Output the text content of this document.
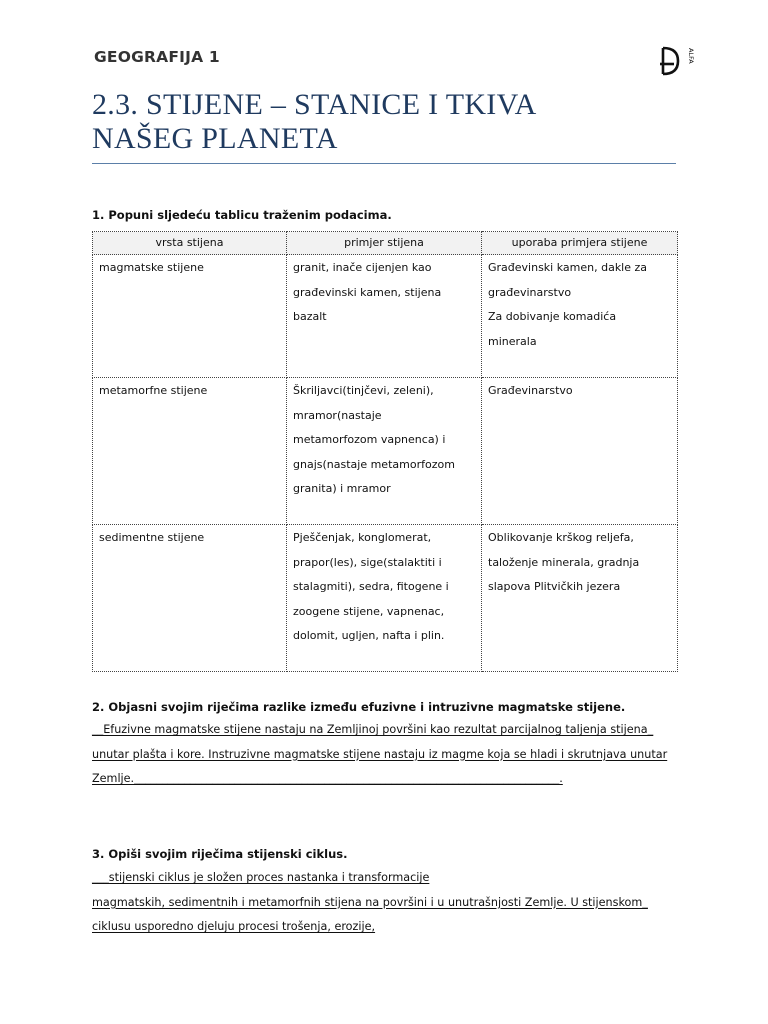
GEOGRAFIJA 1	ALFA
2.3. STIJENE – STANICE I TKIVA
NAŠEG PLANETA
1. Popuni sljedeću tablicu traženim podacima.
vrsta stijena	primjer stijena	uporaba primjera stijene

magmatske stijene	granit, inače cijenjen kao
građevinski kamen, stijena
bazalt	Građevinski kamen, dakle za
građevinarstvo
Za dobivanje komadića
minerala

metamorfne stijene	Škriljavci(tinjčevi, zeleni),
mramor(nastaje
metamorfozom vapnenca) i
gnajs(nastaje metamorfozom
granita) i mramor	Građevinarstvo

sedimentne stijene	Pješčenjak, konglomerat,
prapor(les), sige(stalaktiti i
stalagmiti), sedra, fitogene i
zoogene stijene, vapnenac,
dolomit, ugljen, nafta i plin.	Oblikovanje krškog reljefa,
taloženje minerala, gradnja
slapova Plitvičkih jezera
2. Objasni svojim riječima razlike između efuzivne i intruzivne magmatske stijene.
__Efuzivne magmatske stijene nastaju na Zemljinoj površini kao rezultat parcijalnog taljenja stijena_
unutar plašta i kore. Instruzivne magmatske stijene nastaju iz magme koja se hladi i skrutnjava unutar
Zemlje.____________________________________________________________________________.
3. Opiši svojim riječima stijenski ciklus.
___stijenski ciklus je složen proces nastanka i transformacije
magmatskih, sedimentnih i metamorfnih stijena na površini i u unutrašnjosti Zemlje. U stijenskom_
ciklusu usporedno djeluju procesi trošenja, erozije,
